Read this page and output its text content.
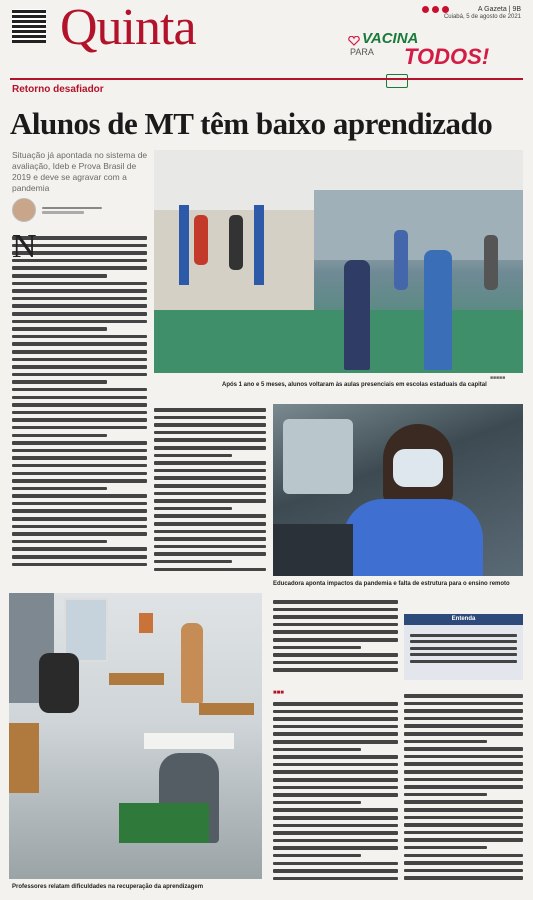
Quinta	A Gazeta | 9B
Cuiabá, 5 de agosto de 2021
VACINA
PARA TODOS!
Retorno desafiador
Alunos de MT têm baixo aprendizado
Situação já apontada no sistema de avaliação, Ideb e Prova Brasil de 2019 e deve se agravar com a pandemia
■■■■■
Após 1 ano e 5 meses, alunos voltaram às aulas presenciais em escolas estaduais da capital
N
Educadora aponta impactos da pandemia e falta de estrutura para o ensino remoto
Professores relatam dificuldades na recuperação da aprendizagem
■■■
Entenda
